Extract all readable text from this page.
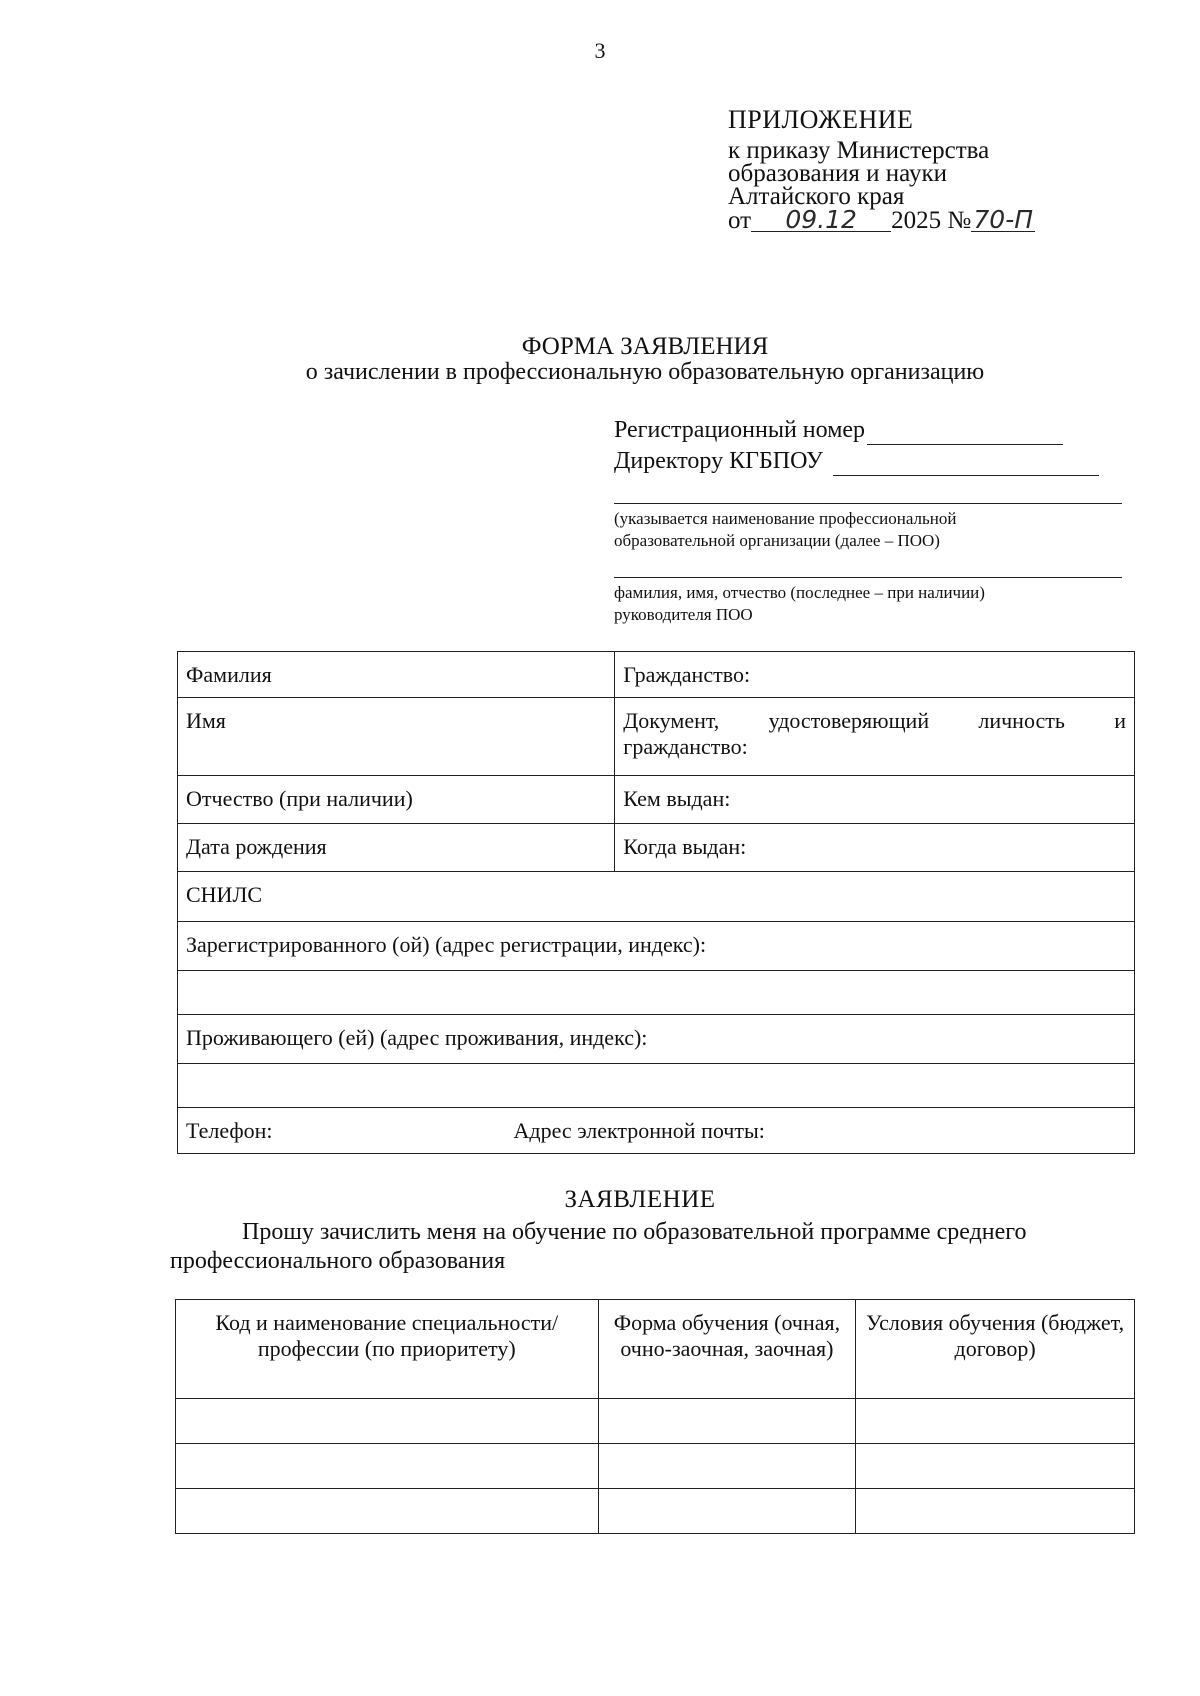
3
ПРИЛОЖЕНИЕ
к приказу Министерства
образования и науки
Алтайского края
от 09.12 2025 №70-П
ФОРМА ЗАЯВЛЕНИЯ
о зачислении в профессиональную образовательную организацию
Регистрационный номер
Директору КГБПОУ
(указывается наименование профессиональной
образовательной организации (далее – ПОО)
фамилия, имя, отчество (последнее – при наличии)
руководителя ПОО
Фамилия	Гражданство:
Имя	Документ, удостоверяющий личность и
гражданство:

Отчество (при наличии)	Кем выдан:
Дата рождения	Когда выдан:
СНИЛС	
Зарегистрированного (ой) (адрес регистрации, индекс):	

Проживающего (ей) (адрес проживания, индекс):	

Телефон: Адрес электронной почты:	
ЗАЯВЛЕНИЕ
Прошу зачислить меня на обучение по образовательной программе среднего
профессионального образования
Код и наименование специальности/ профессии (по приоритету)	Форма обучения (очная, очно-заочная, заочная)	Условия обучения (бюджет, договор)
